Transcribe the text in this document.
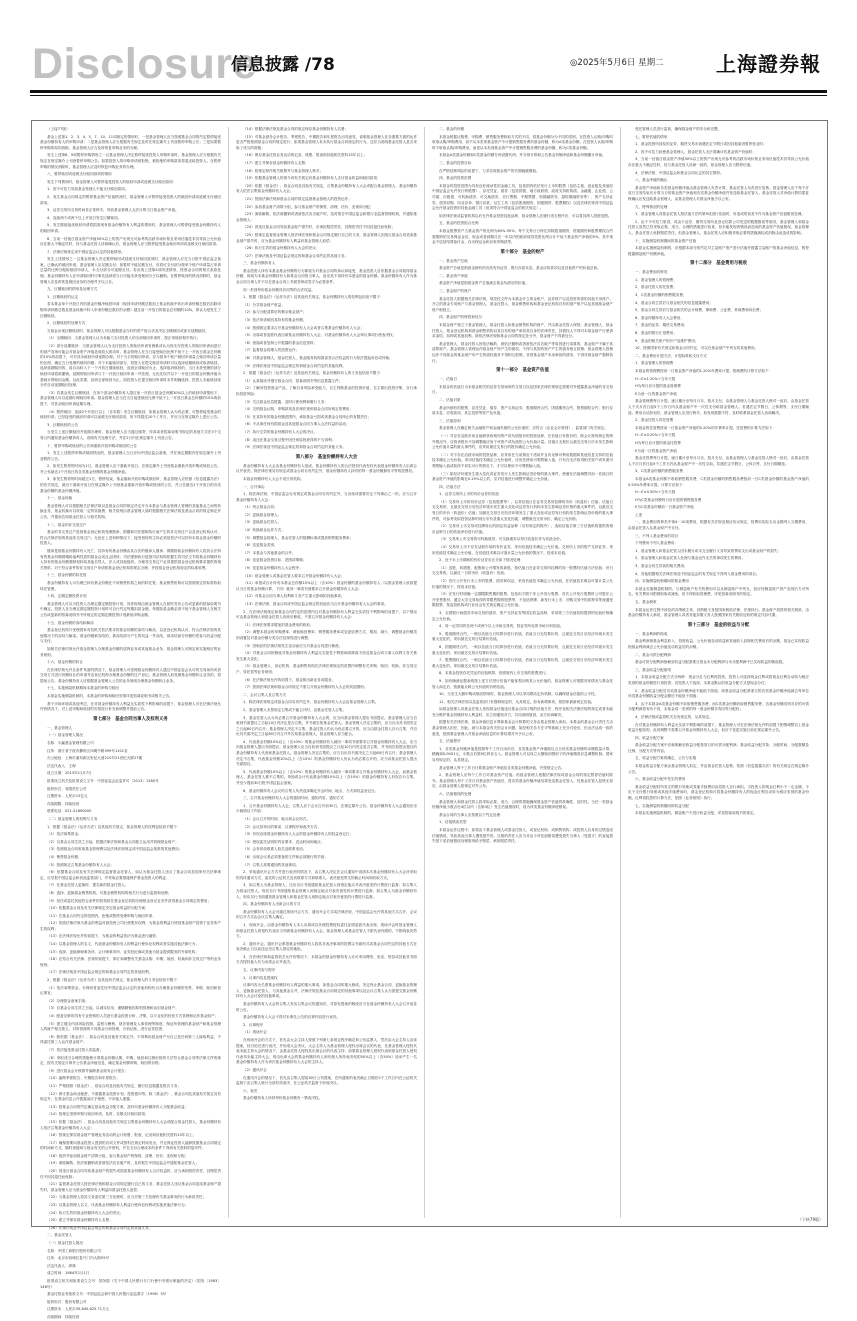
Disclosure
信息披露 /78	◎2025年5月6日 星期二	上海證券報

（上接77版）

基金上述第1、2、3、4、5、7、10、11项规定的情形时，一是基金管理人应当按照基金合同的约定暂停接受基金份额持有人的申购申请；二是基金管理人应当根据有关规定及时在规定媒介上刊登暂停申购公告；三是如果暂停申购的原因消除，基金管理人应当及时恢复申购业务的办理。

发生上述第8、9项暂停申购情形之一且基金管理人决定暂停接受投资人申购申请时，基金管理人应当根据有关规定在规定媒介上刊登暂停申购公告。如果投资人的申购申请被拒绝，被拒绝的申购款项将退还给投资人。在暂停申购的情况消除时，基金管理人应及时恢复申购业务的办理。

八、暂停赎回或延缓支付赎回款项的情形

发生下列情形时，基金管理人可暂停接受投资人的赎回申请或延缓支付赎回款项：

1、因不可抗力导致基金管理人不能支付赎回款项。

2、发生基金合同规定的暂停基金资产估值情况时，基金管理人可暂停接受投资人的赎回申请或延缓支付赎回款项。

3、证券交易所交易时间非正常停市，导致基金管理人无法计算当日基金资产净值。

4、连续两个或两个以上开放日发生巨额赎回。

5、发生继续接受赎回申请将损害现有基金份额持有人利益的情形时，基金管理人可暂停接受基金份额持有人的赎回申请。

6、当前一估值日基金资产净值50%以上的资产出现无可参考的活跃市场价格且采用估值技术仍导致公允价值存在重大不确定性时，经与基金托管人协商确认后，基金管理人应当暂停接受基金赎回申请或延缓支付赎回款项。

7、法律法规规定或中国证监会认定的其他情形。

发生上述情形之一且基金管理人决定暂停赎回或延缓支付赎回款项时，基金管理人应在当日报中国证监会备案，已确认的赎回申请，基金管理人应足额支付；如暂时不能足额支付，应将可支付部分按单个账户申请量占申请总量的比例分配给赎回申请人，未支付部分可延期支付。若出现上述第4项所述情形，按基金合同的相关条款处理。基金份额持有人在申请赎回时可事先选择将当日可能未获受理部分予以撤销。在暂停赎回的情况消除时，基金管理人应及时恢复赎回业务的办理并予以公告。

九、巨额赎回的情形及处理方式

1、巨额赎回的认定

若本基金单个开放日内的基金份额净赎回申请（赎回申请份额总数加上基金转换中转出申请份额总数后扣除申购申请份额总数及基金转换中转入申请份额总数后的余额）超过前一开放日的基金总份额的10%，即认为是发生了巨额赎回。

2、巨额赎回的处理方式

当基金出现巨额赎回时，基金管理人可以根据基金当时的资产组合状况决定全额赎回或部分延期赎回。

（1）全额赎回：当基金管理人认为有能力支付投资人的全部赎回申请时，按正常赎回程序执行。

（2）部分延期赎回：当基金管理人认为支付投资人的赎回申请有困难或认为因支付投资人的赎回申请而进行的财产变现可能会对基金资产净值造成较大波动时，基金管理人在当日接受赎回比例不低于上一开放日基金总份额的10%的前提下，可对其余赎回申请延期办理。对于当日的赎回申请，应当按单个账户赎回申请量占赎回申请总量的比例，确定当日受理的赎回份额；对于未能赎回部分，投资人在提交赎回申请时可以选择延期赎回或取消赎回。选择延期赎回的，将自动转入下一个开放日继续赎回，直到全部赎回为止；选择取消赎回的，当日未获受理的部分赎回申请将被撤销。延期的赎回申请与下一开放日赎回申请一并处理，无优先权并以下一开放日的基金份额净值为基础计算赎回金额，以此类推，直到全部赎回为止。如投资人在提交赎回申请时未作明确选择，投资人未能赎回部分作自动延期赎回处理。

（3）若基金发生巨额赎回，在单个基金份额持有人超过前一开放日基金总份额30%以上的赎回申请情形下，基金管理人可以延期办理赎回申请。基金管理人应当在当日接受赎回比例不低于上一开放日基金总份额的10%的前提下，对其余赎回申请延期办理。

（4）暂停赎回：连续2个开放日以上（含本数）发生巨额赎回，如基金管理人认为有必要，可暂停接受基金的赎回申请；已经接受的赎回申请可以延缓支付赎回款项，但不得超过20个工作日，并应当在规定媒介上进行公告。

3、巨额赎回的公告

当发生上述巨额赎回并延期办理时，基金管理人应当通过邮寄、传真或者招募说明书规定的其他方式在3个交易日内通知基金份额持有人，说明有关处理方法，并在2日内在规定媒介上刊登公告。

十、暂停申购或赎回的公告和重新开放申购或赎回的公告

1、发生上述暂停申购或赎回情况的，基金管理人当日应向中国证监会备案，并在规定期限内在规定媒介上刊登暂停公告。

2、如发生暂停的时间为1日，基金管理人应于重新开放日，在规定媒介上刊登基金重新开放申购或赎回公告，并公布最近1个开放日的各类基金份额的基金份额净值。

3、如发生暂停的时间超过1日，暂停结束，基金重新开放申购或赎回时，基金管理人应依照《信息披露办法》的有关规定，最迟于重新开放日在规定媒介上刊登基金重新开放申购或赎回的公告，并公告最近1个开放日的各类基金份额的基金份额净值。

十一、基金转换

基金管理人可以根据相关法律法规以及基金合同的规定决定开办本基金与基金管理人管理的其他基金之间的转换业务，基金转换可以收取一定的转换费，相关规则由基金管理人届时根据相关法律法规及基金合同的规定制定并公告，并提前告知基金托管人与相关机构。

十二、基金的非交易过户

基金的非交易过户是指基金登记机构受理继承、捐赠和司法强制执行而产生的非交易过户以及登记机构认可、符合法律法规的其他非交易过户。无论在上述何种情况下，接受划转的主体必须是依法可以持有本基金基金份额的投资人。

继承是指基金份额持有人死亡，其持有的基金份额由其合法的继承人继承；捐赠指基金份额持有人将其合法持有的基金份额捐赠给福利性质的基金会或社会团体；司法强制执行是指司法机构依据生效司法文书将基金份额持有人持有的基金份额强制划转给其他自然人、法人或其他组织。办理非交易过户必须提供基金登记机构要求提供的相关资料，对于符合条件的非交易过户申请按基金登记机构的规定办理，并按基金登记机构规定的标准收费。

十三、基金份额的转托管

基金份额持有人可办理已持有基金份额在不同销售机构之间的转托管，基金销售机构可以按照规定的标准收取转托管费。

十四、定期定额投资计划

基金管理人可以为投资人办理定期定额投资计划，具体规则由基金管理人在届时发布公告或更新的招募说明书中确定。投资人在办理定期定额投资计划时可自行约定每期扣款金额，每期扣款金额必须不低于基金管理人在相关公告或更新的招募说明书中所规定的定期定额投资计划最低申购金额。

十五、基金份额的冻结和解冻

基金登记机构只受理国家有权机关依法要求的基金份额的冻结与解冻，以及登记机构认可、符合法律法规的其他情况下的冻结与解冻。基金份额被冻结的，被冻结部分产生的权益一并冻结，被冻结部分份额仍然参与收益分配与支付。

如相关法律法规允许基金管理人办理基金份额的质押业务或其他基金业务，基金管理人可制定和实施相应的业务规则。

十六、基金份额的转让

在法律法规允许且条件具备的情况下，基金管理人可受理基金份额持有人通过中国证监会认可的交易场所或者交易方式进行份额转让的申请并由登记机构办理基金份额的过户登记。基金管理人拟受理基金份额转让业务的，将提前公告，基金份额持有人应根据基金管理人公告的业务规则办理基金份额转让业务。

十七、实施侧袋机制期间本基金的申购与赎回

本基金实施侧袋机制的，本基金的申购和赎回安排详见招募说明书或相关公告。

基于市场环境或其他考虑，在对基金份额持有人利益无实质性不利影响的前提下，基金管理人可在法律法规允许的情况下，对上述申购和赎回的安排进行补充和调整并提前公告。

第七部分　基金合同当事人及权利义务

一、基金管理人

（一）基金管理人简况

名称：永赢基金管理有限公司

住所：浙江省宁波市鄞州区四明中路399号1101室

办公地址：上海市浦东新区世纪大道210号21世纪大厦27楼

法定代表人：王海

设立日期：2013年11月7日

批准设立机关及批准设立文号：中国证监会证监许可〔2013〕1280号

组织形式：有限责任公司

注册资本：人民币15亿元

存续期限：持续经营

联系电话：021-51690000

（二）基金管理人的权利与义务

1、根据《基金法》《运作办法》及其他有关规定，基金管理人的权利包括但不限于：

（1）依法募集资金；

（2）自基金合同生效之日起，根据法律法规和基金合同独立运用并管理基金财产；

（3）依照基金合同收取基金管理费以及法律法规规定或中国证监会批准的其他费用；

（4）销售基金份额；

（5）按照规定召集基金份额持有人大会；

（6）依据基金合同及有关法律规定监督基金托管人，如认为基金托管人违反了基金合同及国家有关法律规定，应呈报中国证监会和其他监管部门，并采取必要措施保护基金投资人的利益；

（7）在基金托管人更换时，提名新的基金托管人；

（8）选择、更换基金销售机构，对基金销售机构的相关行为进行监督和处理；

（9）担任或委托其他符合条件的机构担任基金登记机构办理基金登记业务并获得基金合同规定的费用；

（10）依据基金合同及有关法律规定决定基金收益的分配方案；

（11）在基金合同约定的范围内，拒绝或暂停受理申购与赎回申请；

（12）依照法律法规为基金的利益对被投资公司行使股东权利，为基金的利益行使因基金财产投资于证券所产生的权利；

（13）在法律法规允许的前提下，为基金的利益依法为基金进行融资；

（14）以基金管理人的名义，代表基金份额持有人的利益行使诉讼权利或者实施其他法律行为；

（15）选择、更换律师事务所、会计师事务所、证券经纪商或其他为基金提供服务的外部机构；

（16）在符合有关法律、法规的前提下，制订和调整有关基金认购、申购、赎回、转换和非交易过户等的业务规则；

（17）法律法规及中国证监会规定的和基金合同约定的其他权利。

2、根据《基金法》《运作办法》及其他有关规定，基金管理人的义务包括但不限于：

（1）依法募集资金，办理或者委托经中国证监会认定的其他机构代为办理基金份额的发售、申购、赎回和登记事宜；

（2）办理基金备案手续；

（3）自基金合同生效之日起，以诚实信用、谨慎勤勉的原则管理和运用基金财产；

（4）配备足够的具有专业资格的人员进行基金投资分析、决策，以专业化的经营方式管理和运作基金财产；

（5）建立健全内部风险控制、监察与稽核、财务管理及人事管理等制度，保证所管理的基金财产和基金管理人的财产相互独立，对所管理的不同基金分别管理，分别记账，进行证券投资；

（6）除依据《基金法》、基金合同及其他有关规定外，不得利用基金财产为自己及任何第三人谋取利益，不得委托第三人运作基金财产；

（7）依法接受基金托管人的监督；

（8）采取适当合理的措施使计算基金份额认购、申购、赎回和注销价格的方法符合基金合同等法律文件的规定，按有关规定计算并公告基金净值信息，确定基金份额申购、赎回的价格；

（9）进行基金会计核算并编制基金财务会计报告；

（10）编制季度报告、中期报告和年度报告；

（11）严格按照《基金法》、基金合同及其他有关规定，履行信息披露及报告义务；

（12）保守基金商业秘密，不泄露基金投资计划、投资意向等。除《基金法》、基金合同及其他有关规定另有规定外，在基金信息公开披露前应予保密，不向他人泄露；

（13）按基金合同的约定确定基金收益分配方案，及时向基金份额持有人分配基金收益；

（14）按规定受理申购与赎回申请，及时、足额支付赎回款项；

（15）依据《基金法》、基金合同及其他有关规定召集基金份额持有人大会或配合基金托管人、基金份额持有人依法召集基金份额持有人大会；

（16）按规定保存基金财产管理业务活动的会计账册、报表、记录和其他相关资料15年以上；

（17）确保需要向基金投资人提供的各项文件或资料在规定时间发出，并且保证投资人能够按照基金合同规定的时间和方式，随时查阅到与基金有关的公开资料，并在支付合理成本的条件下得到有关资料的复印件；

（18）组织并参加基金财产清算小组，参与基金财产的保管、清理、估价、变现和分配；

（19）面临解散、依法被撤销或者被依法宣告破产时，及时报告中国证监会并通知基金托管人；

（20）因违反基金合同导致基金财产的损失或损害基金份额持有人合法权益时，应当承担赔偿责任，其赔偿责任不因其退任而免除；

（21）监督基金托管人按法律法规和基金合同规定履行自己的义务，基金托管人违反基金合同造成基金财产损失时，基金管理人应为基金份额持有人利益向基金托管人追偿；

（22）当基金管理人将其义务委托第三方处理时，应当对第三方处理有关基金事务的行为承担责任；

（23）以基金管理人名义，代表基金份额持有人利益行使诉讼权利或实施其他法律行为；

（24）执行生效的基金份额持有人大会的决议；

（25）建立并保存基金份额持有人名册；

（26）法律法规及中国证监会规定的和基金合同约定的其他义务。

二、基金托管人

（一）基金托管人简况

名称：中国工商银行股份有限公司

住所：北京市西城区复兴门内大街55号

法定代表人：廖林

成立时间：1984年1月1日

批准设立机关和批准设立文号：国务院《关于中国人民银行专门行使中央银行职能的决定》（国发〔1983〕146号）

基金托管业务批准文号：中国证监会和中国人民银行证监基字〔1998〕3号

组织形式：股份有限公司

注册资本：人民币35,640,625.71万元

存续期间：持续经营

（14）根据法律法规及基金合同的规定保存基金份额持有人名册；

（15）对基金财务会计报告、季度报告、中期报告和年度报告出具意见，说明基金管理人在各重要方面的运作是否严格按照基金合同的规定进行；如果基金管理人有未执行基金合同规定的行为，还应当说明基金托管人是否采取了适当的措施；

（16）保存基金托管业务活动的记录、账册、报表和其他相关资料15年以上；

（17）建立并保存基金份额持有人名册；

（18）按规定制作相关账册并与基金管理人核对；

（19）依据基金管理人的指令或有关规定向基金份额持有人支付基金收益和赎回款项；

（20）依据《基金法》、基金合同及其他有关规定，召集基金份额持有人大会或配合基金管理人、基金份额持有人依法召集基金份额持有人大会；

（21）按照法律法规和基金合同的规定监督基金管理人的投资运作；

（22）参加基金财产清算小组，参与基金财产的保管、清理、估价、变现和分配；

（23）面临解散、依法被撤销或者被依法宣告破产时，及时报告中国证监会和银行业监督管理机构，并通知基金管理人；

（24）因违反基金合同导致基金财产损失时，应承担赔偿责任，其赔偿责任不因其退任而免除；

（25）按规定监督基金管理人按法律法规和基金合同规定履行自己的义务，基金管理人因违反基金合同造成基金财产损失时，应为基金份额持有人利益向基金管理人追偿；

（26）执行生效的基金份额持有人大会的决议；

（27）法律法规及中国证监会规定的和基金合同约定的其他义务。

三、基金份额持有人

基金投资人持有本基金基金份额的行为即视为对基金合同的承认和接受，基金投资人自依据基金合同取得基金份额，即成为本基金份额持有人和基金合同的当事人，直至其不再持有本基金的基金份额。基金份额持有人作为基金合同当事人并不以在基金合同上书面签章或签字为必要条件。

同一类别每份基金份额具有同等的合法权益。

1、根据《基金法》《运作办法》及其他有关规定，基金份额持有人的权利包括但不限于：

（1）分享基金财产收益；

（2）参与分配清算后的剩余基金财产；

（3）依法申请赎回其持有的基金份额；

（4）按照规定要求召开基金份额持有人大会或者召集基金份额持有人大会；

（5）出席或者委派代表出席基金份额持有人大会，对基金份额持有人大会审议事项行使表决权；

（6）查阅或者复制公开披露的基金信息资料；

（7）监督基金管理人的投资运作；

（8）对基金管理人、基金托管人、基金服务机构损害其合法权益的行为依法提起诉讼或仲裁；

（9）法律法规及中国证监会规定的和基金合同约定的其他权利。

2、根据《基金法》《运作办法》及其他有关规定，基金份额持有人的义务包括但不限于：

（1）认真阅读并遵守基金合同、招募说明书等信息披露文件；

（2）了解所投资基金产品，了解自身风险承受能力，自主判断基金的投资价值，自主做出投资决策，自行承担投资风险；

（3）关注基金信息披露，及时行使权利和履行义务；

（4）交纳基金认购、申购款项及法律法规和基金合同所规定的费用；

（5）在其持有的基金份额范围内，承担基金亏损或者基金合同终止的有限责任；

（6）不从事任何有损基金及其他基金合同当事人合法权益的活动；

（7）执行生效的基金份额持有人大会的决议；

（8）返还在基金交易过程中因任何原因获得的不当得利；

（9）法律法规及中国证监会规定的和基金合同约定的其他义务。

第八部分　基金份额持有人大会

基金份额持有人大会由基金份额持有人组成，基金份额持有人的合法授权代表有权代表基金份额持有人出席会议并表决。除法律法规另有规定或基金合同另有约定外，基金份额持有人持有的每一基金份额拥有平等的投票权。

本基金份额持有人大会不设日常机构。

一、召开事由

1、除法律法规、中国证监会另有规定或基金合同另有约定外，当出现或需要决定下列事由之一的，应当召开基金份额持有人大会：

（1）终止基金合同；

（2）更换基金管理人；

（3）更换基金托管人；

（4）转换基金运作方式；

（5）调整基金管理人、基金托管人的报酬标准或提高销售服务费率；

（6）变更基金类别；

（7）本基金与其他基金的合并；

（8）变更基金投资目标、范围或策略；

（9）变更基金份额持有人大会程序；

（10）基金管理人或基金托管人要求召开基金份额持有人大会；

（11）单独或合计持有本基金总份额10%以上（含10%）基金份额的基金份额持有人（以基金管理人收到提议当日的基金份额计算，下同）就同一事项书面要求召开基金份额持有人大会；

（12）对基金合同当事人权利和义务产生重大影响的其他事项；

（13）法律法规、基金合同或中国证监会规定的其他应当召开基金份额持有人大会的事项。

2、在法律法规规定和基金合同约定的范围内且对基金份额持有人利益无实质性不利影响的前提下，以下情况可由基金管理人和基金托管人协商后修改，不需召开基金份额持有人大会：

（1）法律法规要求增加的基金费用的收取；

（2）调整本基金的申购费率、调低赎回费率、销售服务费率或变更收费方式，增加、减少、调整基金份额类别设置及对基金份额分类办法及规则进行调整；

（3）因相应的法律法规发生变动而应当对基金合同进行修改；

（4）对基金合同的修改对基金份额持有人利益无实质性不利影响或修改不涉及基金合同当事人权利义务关系发生重大变化；

（5）基金管理人、登记机构、基金销售机构在法律法规规定的范围内调整有关申购、赎回、转换、非交易过户、转托管等业务规则；

（6）在法律法规允许的前提下，基金推出新业务或服务；

（7）按照法律法规和基金合同规定不需召开基金份额持有人大会的其他情形。

二、会议召集人及召集方式

1、除法律法规规定或基金合同另有约定外，基金份额持有人大会由基金管理人召集。

2、基金管理人未按规定召集或不能召开时，由基金托管人召集。

3、基金托管人认为有必要召开基金份额持有人大会的，应当向基金管理人提出书面提议。基金管理人应当自收到书面提议之日起10日内决定是否召集，并书面告知基金托管人。基金管理人决定召集的，应当自出具书面决定之日起60日内召开；基金管理人决定不召集，基金托管人仍认为有必要召开的，应当由基金托管人自行召集，并自出具书面决定之日起60日内召开并告知基金管理人，基金管理人应当配合。

4、代表基金份额10%以上（含10%）的基金份额持有人就同一事项书面要求召开基金份额持有人大会，应当向基金管理人提出书面提议。基金管理人应当自收到书面提议之日起10日内决定是否召集，并书面告知提出提议的基金份额持有人代表和基金托管人。基金管理人决定召集的，应当自出具书面决定之日起60日内召开；基金管理人决定不召集，代表基金份额10%以上（含10%）的基金份额持有人仍认为有必要召开的，应当向基金托管人提出书面提议。

5、代表基金份额10%以上（含10%）的基金份额持有人就同一事项要求召开基金份额持有人大会，而基金管理人、基金托管人都不召集的，单独或合计代表基金份额10%以上（含10%）的基金份额持有人有权自行召集，并至少提前30日报中国证监会备案。

6、基金份额持有人会议的召集人负责选择确定开会时间、地点、方式和权益登记日。

三、召开基金份额持有人大会的通知时间、通知内容、通知方式

1、召开基金份额持有人大会，召集人应于会议召开前30日，在规定媒介公告。基金份额持有人大会通知应至少载明以下内容：

（1）会议召开的时间、地点和会议形式；

（2）会议拟审议的事项、议事程序和表决方式；

（3）有权出席基金份额持有人大会的基金份额持有人的权益登记日；

（4）授权委托证明的内容要求、送达时间和地点；

（5）会务常设联系人姓名及联系电话；

（6）出席会议者必须准备的文件和必须履行的手续；

（7）召集人需要通知的其他事项。

2、采取通讯开会方式并进行表决的情况下，由召集人决定在会议通知中说明本次基金份额持有人大会所采取的具体通讯方式、委托的公证机关及其联系方式和联系人、表决意见寄交的截止时间和收取方式。

3、如召集人为基金管理人，还应另行书面通知基金托管人到指定地点对表决意见的计票进行监督；如召集人为基金托管人，则应另行书面通知基金管理人到指定地点对表决意见的计票进行监督；如召集人为基金份额持有人，则应另行书面通知基金管理人和基金托管人到指定地点对表决意见的计票进行监督。

四、基金份额持有人出席会议的方式

基金份额持有人大会可通过现场开会方式、通讯开会方式或法律法规、中国证监会允许的其他方式召开，会议的召开方式由会议召集人确定。

1、现场开会。由基金份额持有人本人出席或以代理投票授权委托证明委派代表出席，现场开会时基金管理人和基金托管人的授权代表应当列席基金份额持有人大会，基金管理人或基金托管人不派代表列席的，不影响表决效力。

2、通讯开会。通讯开会系指基金份额持有人将其对表决事项的投票以书面形式或基金合同约定的其他方式在表决截止日以前送达至召集人指定的地址。

3、在法律法规和监管机关允许的情况下，本基金的基金份额持有人亦可采用网络、电话、短信或其他非书面方式授权他人代为出席会议并表决。

五、议事内容与程序

1、议事内容及提案权

议事内容为关系基金份额持有人利益的重大事项，如基金合同的重大修改、决定终止基金合同、更换基金管理人、更换基金托管人、与其他基金合并、法律法规及基金合同规定的其他事项以及会议召集人认为需提交基金份额持有人大会讨论的其他事项。

基金份额持有人大会的召集人发出召集会议的通知后，对原有提案的修改应当在基金份额持有人大会召开前及时公告。

基金份额持有人大会不得对未事先公告的议事内容进行表决。

2、议事程序

（1）现场开会

在现场开会的方式下，首先由大会主持人按照下列第七条规定程序确定和公布监票人，然后由大会主持人宣读提案，经讨论后进行表决，并形成大会决议。大会主持人为基金管理人授权出席会议的代表，在基金管理人授权代表未能主持大会的情况下，由基金托管人授权其出席会议的代表主持；如果基金管理人授权代表和基金托管人授权代表均未能主持大会，则由出席大会的基金份额持有人和代理人所持表决权的50%以上（含50%）选举产生一名基金份额持有人作为该次基金份额持有人大会的主持人。

（2）通讯开会

在通讯开会的情况下，首先由召集人提前30日公布提案，在所通知的表决截止日期后2个工作日内在公证机关监督下由召集人统计全部有效表决，在公证机关监督下形成决议。

六、表决

基金份额持有人所持每份基金份额有一票表决权。

二、基金的份额

本基金根据认购费、申购费、销售服务费收取方式的不同，将基金份额分为不同的类别。在投资人认购/申购时收取认购/申购费用，但不从本类别基金资产中计提销售服务费的基金份额，称为A类基金份额；在投资人认购/申购时不收取认购/申购费用，而是从本类别基金资产中计提销售服务费的基金份额，称为C类基金份额。

本基金A类基金份额和C类基金份额分别设置代码，并分别计算和公告基金份额净值和基金份额累计净值。

三、基金的投资目标

在严格控制风险的前提下，力求实现基金资产的长期稳健增值。

四、基金的投资范围

本基金的投资范围为具有良好流动性的金融工具，包括国内依法发行上市的股票（包括主板、创业板及其他经中国证监会允许发行的股票）、存托凭证、债券（包括国债、地方政府债、政府支持机构债、金融债、企业债、公司债、次级债、可转换债券、可交换债券、央行票据、中期票据、短期融资券、超短期融资券等）、资产支持证券、债券回购、同业存单、银行存款、衍生工具（包括股指期货、国债期货、股票期权）以及法律法规或中国证监会允许基金投资的其他金融工具（但须符合中国证监会的相关规定）。

如法律法规或监管机构以后允许基金投资其他品种，基金管理人在履行适当程序后，可以将其纳入投资范围。

五、基金的投资组合比例

本基金股票资产占基金资产的比例为60%-95%；每个交易日日终在扣除股指期货、国债期货和股票期权合约需缴纳的交易保证金后，现金或者到期日在一年以内的政府债券投资比例合计不低于基金资产净值的5%，其中现金不包括结算备付金、存出保证金和应收申购款等。

第十部分　基金的财产

一、基金资产总值

基金资产总值是指基金拥有的各类有价证券、银行存款本息、基金应收款项以及其他资产的价值总和。

二、基金资产净值

基金资产净值是指基金资产总值减去基金负债后的价值。

三、基金财产的账户

基金托管人根据相关法律法规、规范性文件为本基金开立资金账户、证券账户以及投资所需的其他专用账户。开立的基金专用账户与基金管理人、基金托管人、基金销售机构和基金登记机构自有的财产账户以及其他基金财产账户相独立。

四、基金财产的保管和处分

本基金财产独立于基金管理人、基金托管人和基金销售机构的财产，并由基金托管人保管。基金管理人、基金托管人、基金登记机构和基金销售机构以其自有的财产承担其自身的法律责任，其债权人不得对本基金财产行使请求冻结、扣押或其他权利。除依法律法规和基金合同的规定处分外，基金财产不得被处分。

基金管理人、基金托管人因依法解散、被依法撤销或者被依法宣告破产等原因进行清算的，基金财产不属于其清算财产。基金管理人管理运作基金财产所产生的债权，不得与其固有资产产生的债务相互抵销；基金管理人管理运作不同基金的基金财产所产生的债权债务不得相互抵销。非因基金财产本身承担的债务，不得对基金财产强制执行。

第十一部分　基金资产估值

一、估值日

本基金的估值日为本基金相关的证券交易场所的交易日以及国家法律法规规定需要对外披露基金净值的非交易日。

二、估值对象

基金所拥有的股票、存托凭证、债券、资产支持证券、股指期货合约、国债期货合约、股票期权合约、银行存款本息、应收款项、其它投资等资产及负债。

三、估值原则

基金管理人在确定相关金融资产和金融负债的公允价值时，应符合《企业会计准则》、监管部门有关规定。

（一）对存在活跃市场且能够获取相同资产或负债报价的投资品种，在估值日有报价的，除会计准则规定的例外情况外，应将该报价不加调整地应用于该资产或负债的公允价值计量。估值日无报价且最近交易日后未发生影响公允价值计量的重大事件的，应采用最近交易日的报价确定公允价值。

（二）对不存在活跃市场的投资品种，应采用在当前情况下适用并且有足够可利用数据和其他信息支持的估值技术确定公允价值。采用估值技术确定公允价值时，应优先使用可观察输入值，只有在无法取得相关资产或负债可观察输入值或取得不切实可行的情况下，才可以使用不可观察输入值。

（三）如经济环境发生重大变化或证券发行人发生影响证券价格的重大事件，使潜在估值调整对前一估值日的基金资产净值的影响在0.25%以上的，应对估值进行调整并确定公允价值。

四、估值方法

1、证券交易所上市的有价证券的估值

（1）交易所上市的有价证券（包括股票等），以其估值日在证券交易所挂牌的市价（收盘价）估值；估值日无交易的，且最近交易日后经济环境未发生重大变化或证券发行机构未发生影响证券价格的重大事件的，以最近交易日的市价（收盘价）估值；如最近交易日后经济环境发生了重大变化或证券发行机构发生影响证券价格的重大事件的，可参考类似投资品种的现行市价及重大变化因素，调整最近交易市价，确定公允价格。

（2）交易所上市交易或挂牌转让的固定收益品种（另有规定的除外），选取估值日第三方估值机构提供的相应品种当日的估值净价进行估值。

（3）交易所上市交易的可转换债券、可交换债券以每日收盘价作为估值全价。

（4）交易所上市不存在活跃市场的有价证券，采用估值技术确定公允价值。交易所上市的资产支持证券，采用估值技术确定公允价值，在估值技术难以可靠计量公允价值的情况下，按成本估值。

2、处于未上市期间的有价证券应区分如下情况处理：

（1）送股、转增股、配股和公开增发的新股，按估值日在证券交易所挂牌的同一股票的估值方法估值；该日无交易的，以最近一日的市价（收盘价）估值；

（2）首次公开发行未上市的股票、债券和权证，采用估值技术确定公允价值，在估值技术难以可靠计量公允价值的情况下，按成本估值；

（3）在发行时明确一定期限限售期的股票，包括但不限于非公开发行股票、首次公开发行股票时公司股东公开发售股份、通过大宗交易取得的带限售期的股票等，不包括停牌、新发行未上市、回购交易中的质押券等流通受限股票，按监管机构或行业协会有关规定确定公允价值。

3、全国银行间债券市场交易的债券、资产支持证券等固定收益品种，采用第三方估值机构提供的估值价格确定公允价值。

4、同一证券同时在两个或两个以上市场交易的，按证券所处的市场分别估值。

5、股指期货合约，一般以估值当日结算价进行估值，估值当日无结算价的，且最近交易日后经济环境未发生重大变化的，采用最近交易日结算价估值。

6、国债期货合约，一般以估值当日结算价进行估值，估值当日无结算价的，且最近交易日后经济环境未发生重大变化的，采用最近交易日结算价估值。

7、股票期权合约，一般以估值当日结算价进行估值，估值当日无结算价的，且最近交易日后经济环境未发生重大变化的，采用最近交易日结算价估值。

8、本基金投资存托凭证的估值核算，依照境内上市交易的股票进行。

9、如有确凿证据表明按上述方法进行估值不能客观反映其公允价值的，基金管理人可根据具体情况与基金托管人商定后，按最能反映公允价值的价格估值。

10、当发生大额申购或赎回情形时，基金管理人可以采用摆动定价机制，以确保基金估值的公平性。

11、相关法律法规以及监管部门有强制规定的，从其规定。如有新增事项，按国家最新规定估值。

如基金管理人或基金托管人发现基金估值违反基金合同订明的估值方法、程序及相关法律法规的规定或者未能充分维护基金份额持有人利益时，应立即通知对方，共同查明原因，双方协商解决。

根据有关法律法规，基金净值信息计算和基金会计核算的义务由基金管理人承担。本基金的基金会计责任方由基金管理人担任，因此，就与本基金有关的会计问题，如经相关各方在平等基础上充分讨论后，仍无法达成一致的意见，按照基金管理人对基金净值信息的计算结果对外予以公布。

五、估值程序

1、各类基金份额净值是按照每个工作日闭市后，各类基金资产净值除以当日该类基金份额的余额数量计算，精确到0.0001元，小数点后第5位四舍五入。基金管理人可以设立大额赎回情形下的净值精度应急调整机制。国家另有规定的，从其规定。

基金管理人每个工作日计算基金资产净值及各类基金份额净值，并按规定公告。

2、基金管理人应每个工作日对基金资产估值。但基金管理人根据法律法规或基金合同的规定暂停估值时除外。基金管理人每个工作日对基金资产估值后，将各类基金份额净值结果发送基金托管人，经基金托管人复核无误后，由基金管理人按规定对外公布。

六、估值错误的处理

基金管理人和基金托管人将采取必要、适当、合理的措施确保基金资产估值的准确性、及时性。当任一类基金份额净值小数点后4位以内（含第4位）发生估值错误时，视为该类基金份额净值错误。

基金合同的当事人应按照以下约定处理：

1、估值错误类型

本基金运作过程中，如果由于基金管理人或基金托管人、或登记机构、或销售机构、或投资人自身的过错造成估值错误，导致其他当事人遭受损失的，过错的责任人应当对由于该估值错误遭受损失当事人（受损方）的直接损失按下述估值错误处理原则给予赔偿，承担赔偿责任。

受托管理人员进行监督，确保基金财产的安全和完整。

七、暂停估值的情形

1、基金投资所涉及的证券、期货交易市场遇法定节假日或因其他原因暂停营业时；

2、因不可抗力致使基金管理人、基金托管人无法准确评估基金资产价值时；

3、当前一估值日基金资产净值50%以上的资产出现无可参考的活跃市场价格且采用估值技术仍导致公允价值存在重大不确定性时，经与基金托管人协商一致的，基金管理人应当暂停估值；

4、法律法规、中国证监会和基金合同认定的其它情形。

八、基金净值的确认

基金资产净值和各类基金份额净值由基金管理人负责计算，基金托管人负责进行复核。基金管理人应于每个开放日交易结束后计算当日的基金资产净值和各类基金份额净值并发送给基金托管人。基金托管人对净值计算结果复核确认后发送给基金管理人，由基金管理人对基金净值予以公布。

九、特殊情况的处理

1、基金管理人或基金托管人按估值方法的第9项进行估值时，所造成的误差不作为基金资产估值错误处理。

2、由于不可抗力原因，或由于证券、期货交易所及登记结算公司发送的数据错误等原因，基金管理人和基金托管人虽然已经采取必要、适当、合理的措施进行检查，但未能发现该错误而造成的基金资产估值错误，基金管理人、基金托管人免除赔偿责任。但基金管理人、基金托管人应积极采取必要的措施减轻或消除由此造成的影响。

十、实施侧袋机制期间的基金资产估值

本基金实施侧袋机制的，应根据本部分的约定对主袋账户资产进行估值并披露主袋账户的基金净值信息，暂停披露侧袋账户份额净值。

第十二部分　基金费用与税收

一、基金费用的种类

1、基金管理人的管理费；

2、基金托管人的托管费；

3、C类基金份额的销售服务费；

4、基金合同生效后与基金相关的信息披露费用；

5、基金合同生效后与基金相关的会计师费、律师费、公证费、仲裁费和诉讼费；

6、基金份额持有人大会费用；

7、基金的证券、期货交易费用；

8、基金的银行汇划费用；

9、基金的相关账户的开户及维护费用；

10、按照国家有关规定和基金合同约定，可以在基金财产中列支的其他费用。

二、基金费用计提方法、计提标准和支付方式

1、基金管理人的管理费

本基金的管理费按前一日基金资产净值的1.20%年费率计提。管理费的计算方法如下：

H＝E×1.20%÷当年天数

H为每日应计提的基金管理费

E为前一日的基金资产净值

基金管理费每日计提，逐日累计至每月月末，按月支付，由基金管理人与基金托管人核对一致后，由基金托管人于次月首日起5个工作日内从基金财产中一次性支付给基金管理人。若遇法定节假日、公休假等，支付日期顺延。费用自动扣划后，基金管理人应进行核对，如发现数据不符，及时联系基金托管人协商解决。

2、基金托管人的托管费

本基金的托管费按前一日基金资产净值的0.20%的年费率计提。托管费的计算方法如下：

H＝E×0.20%÷当年天数

H为每日应计提的基金托管费

E为前一日的基金资产净值

基金托管费每日计提，逐日累计至每月月末，按月支付，由基金管理人与基金托管人核对一致后，由基金托管人于次月首日起5个工作日内从基金财产中一次性支取。若遇法定节假日、公休日等，支付日期顺延。

3、C类基金份额的销售服务费

本基金A类基金份额不收取销售服务费，C类基金份额的销售服务费按前一日C类基金份额的基金资产净值的0.50%年费率计提。计算方法如下：

H＝E×0.50%÷当年天数

H为C类基金份额每日应计提的销售服务费

E为C类基金份额前一日基金资产净值

上述

一、基金费用的种类中第4－10项费用，根据有关法规及相应协议规定，按费用实际支出金额列入当期费用，由基金托管人从基金财产中支付。

三、不列入基金费用的项目

下列费用不列入基金费用：

1、基金管理人和基金托管人因未履行或未完全履行义务导致的费用支出或基金财产的损失；

2、基金管理人和基金托管人处理与基金运作无关的事项发生的费用；

3、基金合同生效前的相关费用；

4、其他根据相关法律法规及中国证监会的有关规定不得列入基金费用的项目。

四、实施侧袋机制期间的基金费用

本基金实施侧袋机制的，与侧袋账户有关的费用可以从侧袋账户中列支，但应待侧袋账户资产变现后方可列支，有关费用可酌情收取或减免，但不得收取管理费，详见招募说明书的规定。

五、基金税收

本基金运作过程中涉及的各纳税主体，其纳税义务按国家税收法律、法规执行。基金财产投资的相关税收，由基金份额持有人承担，基金管理人或者其他扣缴义务人按照国家有关税收征收的规定代扣代缴。

第十三部分　基金的收益与分配

一、基金利润的构成

基金利润指基金利息收入、投资收益、公允价值变动收益和其他收入扣除相关费用后的余额，基金已实现收益指基金利润减去公允价值变动收益后的余额。

二、基金可供分配利润

基金可供分配利润指截至收益分配基准日基金未分配利润与未分配利润中已实现收益的孰低数。

三、基金收益分配原则

1、本基金收益分配方式分两种：现金分红与红利再投资，投资人可选择现金红利或将现金红利自动转为相应类别的基金份额进行再投资；若投资人不选择，本基金默认的收益分配方式是现金分红；

2、基金收益分配后各类基金份额净值不能低于面值；即基金收益分配基准日的各类基金份额净值减去每单位该类基金份额收益分配金额后不能低于面值；

3、由于本基金A类基金份额不收取销售服务费，而C类基金份额收取销售服务费，各基金份额类别对应的可供分配利润将有所不同，本基金同一类别的每一基金份额享有同等分配权；

4、法律法规或监管机关另有规定的，从其规定。

在对基金份额持有人利益无实质不利影响的前提下，基金管理人可在法律法规允许的前提下酌情调整以上基金收益分配原则，此项调整不需要召开基金份额持有人大会，但应于变更实施日前在规定媒介公告。

四、收益分配方案

基金收益分配方案中应载明截至收益分配基准日的可供分配利润、基金收益分配对象、分配时间、分配数额及比例、分配方式等内容。

五、收益分配方案的确定、公告与实施

本基金收益分配方案由基金管理人拟定，并由基金托管人复核，依照《信息披露办法》的有关规定在规定媒介公告。

六、基金收益分配中发生的费用

基金收益分配时所发生的银行转账或其他手续费用由投资人自行承担。当投资人的现金红利小于一定金额，不足于支付银行转账或其他手续费用时，基金登记机构可将基金份额持有人的现金红利自动转为相应类别的基金份额。红利再投资的计算方法，依照《业务规则》执行。

七、实施侧袋机制期间的收益分配

本基金实施侧袋机制的，侧袋账户不进行收益分配，详见招募说明书的规定。

（下转79版）
